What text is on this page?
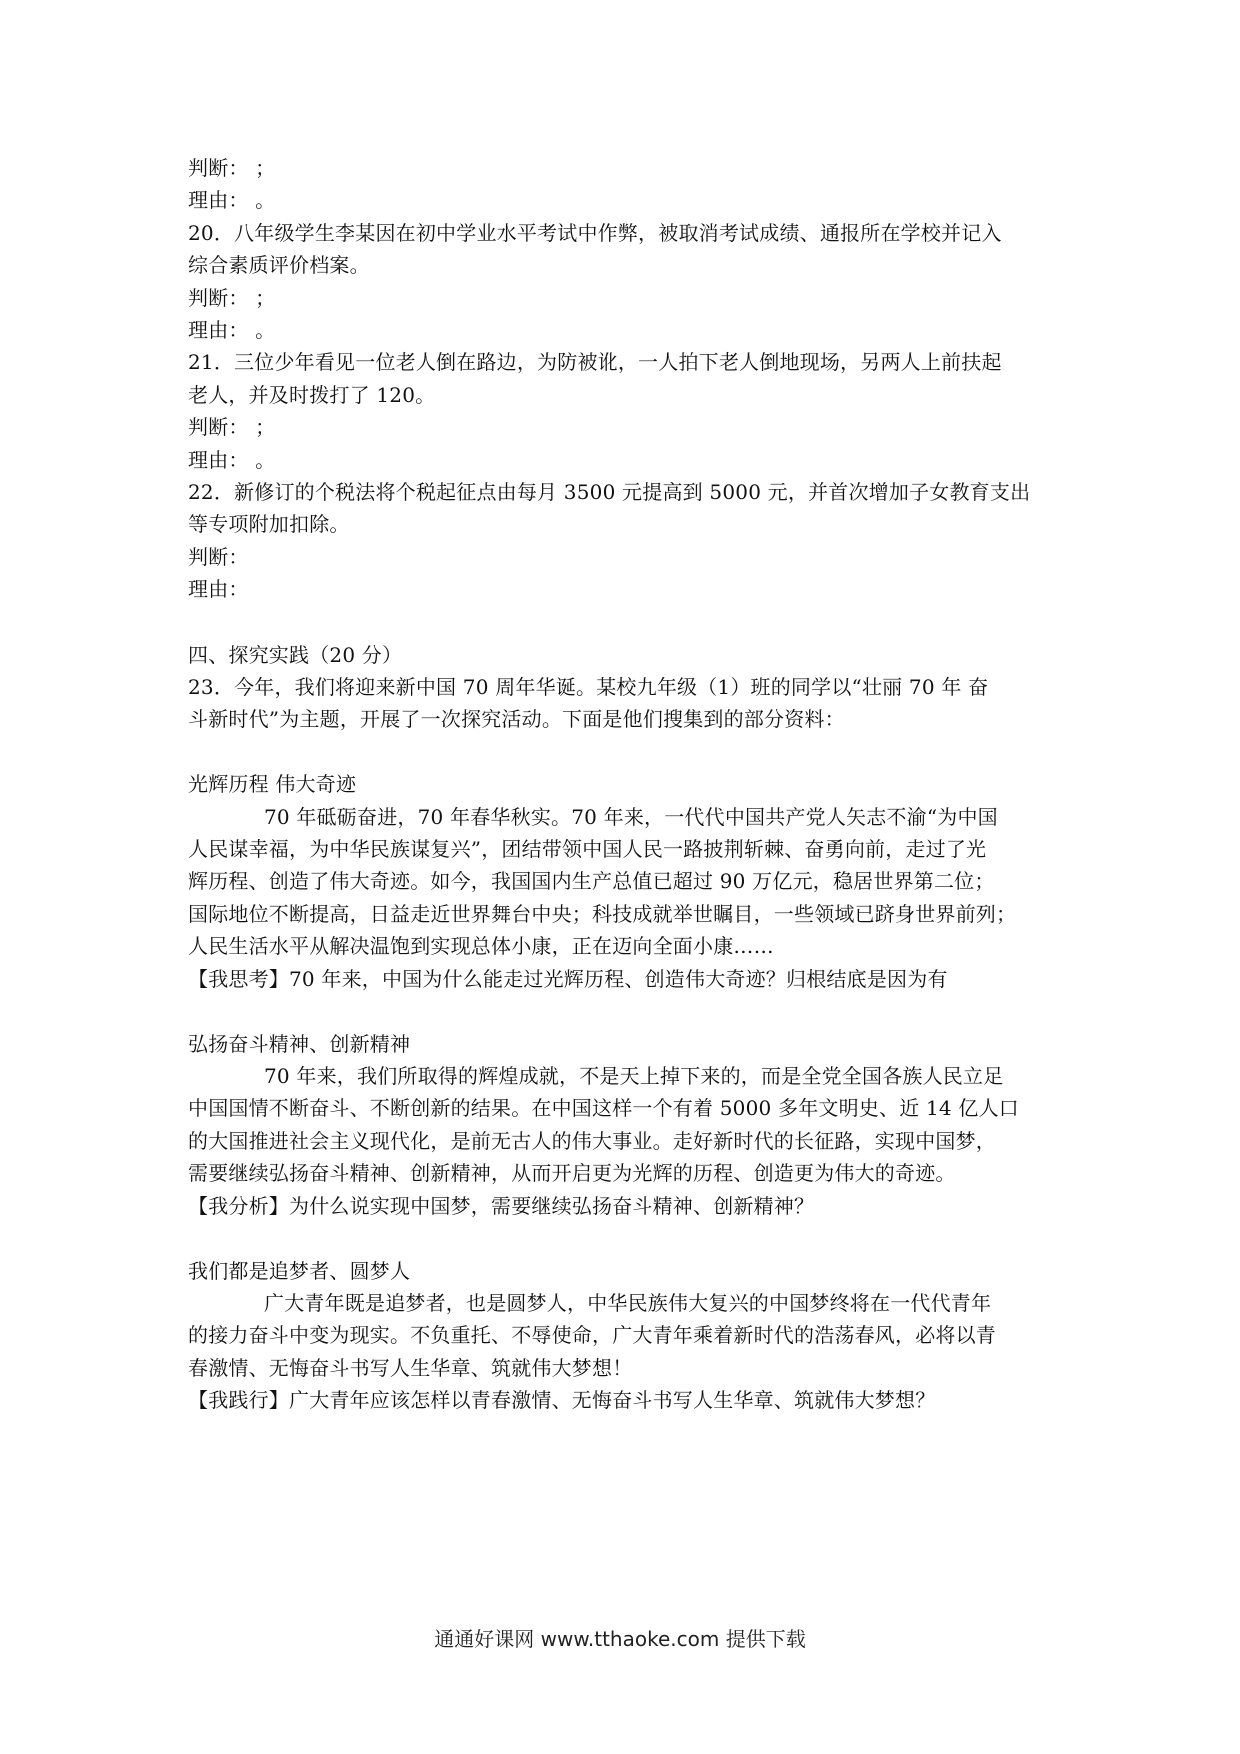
判断： ；
理由： 。
20．八年级学生李某因在初中学业水平考试中作弊，被取消考试成绩、通报所在学校并记入
综合素质评价档案。
判断： ；
理由： 。
21．三位少年看见一位老人倒在路边，为防被讹，一人拍下老人倒地现场，另两人上前扶起
老人，并及时拨打了 120。
判断： ；
理由： 。
22．新修订的个税法将个税起征点由每月 3500 元提高到 5000 元，并首次增加子女教育支出
等专项附加扣除。
判断：
理由：
四、探究实践（20 分）
23．今年，我们将迎来新中国 70 周年华诞。某校九年级（1）班的同学以“壮丽 70 年 奋
斗新时代”为主题，开展了一次探究活动。下面是他们搜集到的部分资料：
光辉历程 伟大奇迹
70 年砥砺奋进，70 年春华秋实。70 年来，一代代中国共产党人矢志不渝“为中国
人民谋幸福，为中华民族谋复兴”，团结带领中国人民一路披荆斩棘、奋勇向前，走过了光
辉历程、创造了伟大奇迹。如今，我国国内生产总值已超过 90 万亿元，稳居世界第二位；
国际地位不断提高，日益走近世界舞台中央；科技成就举世瞩目，一些领域已跻身世界前列；
人民生活水平从解决温饱到实现总体小康，正在迈向全面小康……
【我思考】70 年来，中国为什么能走过光辉历程、创造伟大奇迹？归根结底是因为有
弘扬奋斗精神、创新精神
70 年来，我们所取得的辉煌成就，不是天上掉下来的，而是全党全国各族人民立足
中国国情不断奋斗、不断创新的结果。在中国这样一个有着 5000 多年文明史、近 14 亿人口
的大国推进社会主义现代化，是前无古人的伟大事业。走好新时代的长征路，实现中国梦，
需要继续弘扬奋斗精神、创新精神，从而开启更为光辉的历程、创造更为伟大的奇迹。
【我分析】为什么说实现中国梦，需要继续弘扬奋斗精神、创新精神？
我们都是追梦者、圆梦人
广大青年既是追梦者，也是圆梦人，中华民族伟大复兴的中国梦终将在一代代青年
的接力奋斗中变为现实。不负重托、不辱使命，广大青年乘着新时代的浩荡春风，必将以青
春激情、无悔奋斗书写人生华章、筑就伟大梦想！
【我践行】广大青年应该怎样以青春激情、无悔奋斗书写人生华章、筑就伟大梦想？
通通好课网 www.tthaoke.com 提供下载
